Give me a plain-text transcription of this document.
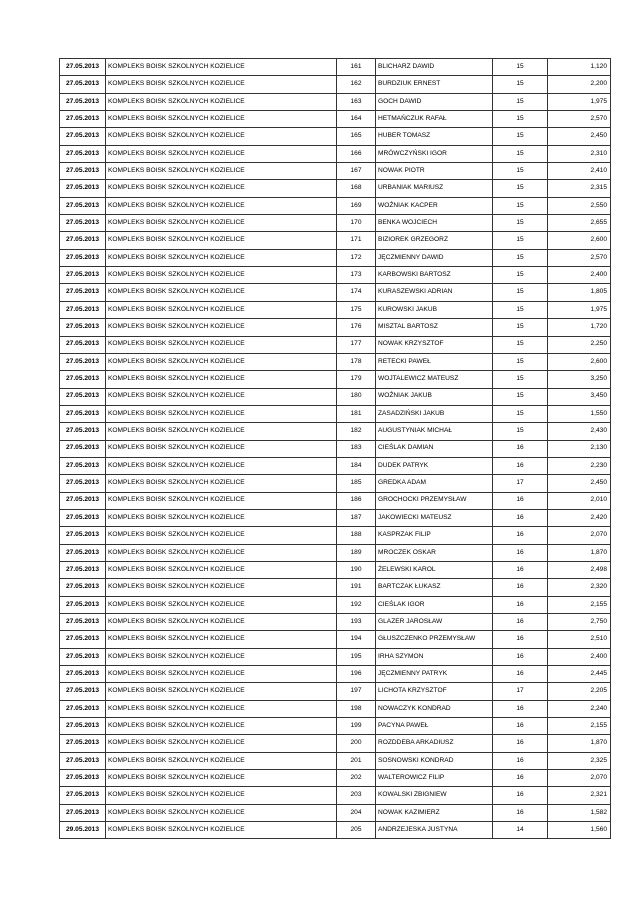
27.05.2013	KOMPLEKS BOISK SZKOLNYCH KOZIELICE	161	BLICHARZ DAWID	15	1,120
27.05.2013	KOMPLEKS BOISK SZKOLNYCH KOZIELICE	162	BURDZIUK ERNEST	15	2,200
27.05.2013	KOMPLEKS BOISK SZKOLNYCH KOZIELICE	163	GOCH DAWID	15	1,975
27.05.2013	KOMPLEKS BOISK SZKOLNYCH KOZIELICE	164	HETMAŃCZUK RAFAŁ	15	2,570
27.05.2013	KOMPLEKS BOISK SZKOLNYCH KOZIELICE	165	HUBER TOMASZ	15	2,450
27.05.2013	KOMPLEKS BOISK SZKOLNYCH KOZIELICE	166	MRÓWCZYŃSKI IGOR	15	2,310
27.05.2013	KOMPLEKS BOISK SZKOLNYCH KOZIELICE	167	NOWAK PIOTR	15	2,410
27.05.2013	KOMPLEKS BOISK SZKOLNYCH KOZIELICE	168	URBANIAK MARIUSZ	15	2,315
27.05.2013	KOMPLEKS BOISK SZKOLNYCH KOZIELICE	169	WOŹNIAK KACPER	15	2,550
27.05.2013	KOMPLEKS BOISK SZKOLNYCH KOZIELICE	170	BENKA WOJCIECH	15	2,655
27.05.2013	KOMPLEKS BOISK SZKOLNYCH KOZIELICE	171	BIZIOREK GRZEGORZ	15	2,600
27.05.2013	KOMPLEKS BOISK SZKOLNYCH KOZIELICE	172	JĘCZMIENNY DAWID	15	2,570
27.05.2013	KOMPLEKS BOISK SZKOLNYCH KOZIELICE	173	KARBOWSKI BARTOSZ	15	2,400
27.05.2013	KOMPLEKS BOISK SZKOLNYCH KOZIELICE	174	KURASZEWSKI ADRIAN	15	1,805
27.05.2013	KOMPLEKS BOISK SZKOLNYCH KOZIELICE	175	KUROWSKI JAKUB	15	1,975
27.05.2013	KOMPLEKS BOISK SZKOLNYCH KOZIELICE	176	MISZTAL BARTOSZ	15	1,720
27.05.2013	KOMPLEKS BOISK SZKOLNYCH KOZIELICE	177	NOWAK KRZYSZTOF	15	2,250
27.05.2013	KOMPLEKS BOISK SZKOLNYCH KOZIELICE	178	RETECKI PAWEŁ	15	2,600
27.05.2013	KOMPLEKS BOISK SZKOLNYCH KOZIELICE	179	WOJTALEWICZ MATEUSZ	15	3,250
27.05.2013	KOMPLEKS BOISK SZKOLNYCH KOZIELICE	180	WOŹNIAK JAKUB	15	3,450
27.05.2013	KOMPLEKS BOISK SZKOLNYCH KOZIELICE	181	ZASADZIŃSKI JAKUB	15	1,550
27.05.2013	KOMPLEKS BOISK SZKOLNYCH KOZIELICE	182	AUGUSTYNIAK MICHAŁ	15	2,430
27.05.2013	KOMPLEKS BOISK SZKOLNYCH KOZIELICE	183	CIEŚLAK DAMIAN	16	2,130
27.05.2013	KOMPLEKS BOISK SZKOLNYCH KOZIELICE	184	DUDEK PATRYK	16	2,230
27.05.2013	KOMPLEKS BOISK SZKOLNYCH KOZIELICE	185	GREDKA ADAM	17	2,450
27.05.2013	KOMPLEKS BOISK SZKOLNYCH KOZIELICE	186	GROCHOCKI PRZEMYSŁAW	16	2,010
27.05.2013	KOMPLEKS BOISK SZKOLNYCH KOZIELICE	187	JAKOWIECKI MATEUSZ	16	2,420
27.05.2013	KOMPLEKS BOISK SZKOLNYCH KOZIELICE	188	KASPRZAK FILIP	16	2,070
27.05.2013	KOMPLEKS BOISK SZKOLNYCH KOZIELICE	189	MROCZEK OSKAR	16	1,870
27.05.2013	KOMPLEKS BOISK SZKOLNYCH KOZIELICE	190	ŻELEWSKI KAROL	16	2,498
27.05.2013	KOMPLEKS BOISK SZKOLNYCH KOZIELICE	191	BARTCZAK ŁUKASZ	16	2,320
27.05.2013	KOMPLEKS BOISK SZKOLNYCH KOZIELICE	192	CIEŚLAK IGOR	16	2,155
27.05.2013	KOMPLEKS BOISK SZKOLNYCH KOZIELICE	193	GLAZER JAROSŁAW	16	2,750
27.05.2013	KOMPLEKS BOISK SZKOLNYCH KOZIELICE	194	GŁUSZCZENKO PRZEMYSŁAW	16	2,510
27.05.2013	KOMPLEKS BOISK SZKOLNYCH KOZIELICE	195	IRHA SZYMON	16	2,400
27.05.2013	KOMPLEKS BOISK SZKOLNYCH KOZIELICE	196	JĘCZMIENNY PATRYK	16	2,445
27.05.2013	KOMPLEKS BOISK SZKOLNYCH KOZIELICE	197	LICHOTA KRZYSZTOF	17	2,205
27.05.2013	KOMPLEKS BOISK SZKOLNYCH KOZIELICE	198	NOWACZYK KONDRAD	16	2,240
27.05.2013	KOMPLEKS BOISK SZKOLNYCH KOZIELICE	199	PACYNA PAWEŁ	16	2,155
27.05.2013	KOMPLEKS BOISK SZKOLNYCH KOZIELICE	200	ROZDDEBA ARKADIUSZ	16	1,870
27.05.2013	KOMPLEKS BOISK SZKOLNYCH KOZIELICE	201	SOSNOWSKI KONDRAD	16	2,325
27.05.2013	KOMPLEKS BOISK SZKOLNYCH KOZIELICE	202	WALTEROWICZ FILIP	16	2,070
27.05.2013	KOMPLEKS BOISK SZKOLNYCH KOZIELICE	203	KOWALSKI ZBIGNIEW	16	2,321
27.05.2013	KOMPLEKS BOISK SZKOLNYCH KOZIELICE	204	NOWAK KAZIMIERZ	16	1,582
29.05.2013	KOMPLEKS BOISK SZKOLNYCH KOZIELICE	205	ANDRZEJESKA JUSTYNA	14	1,560
